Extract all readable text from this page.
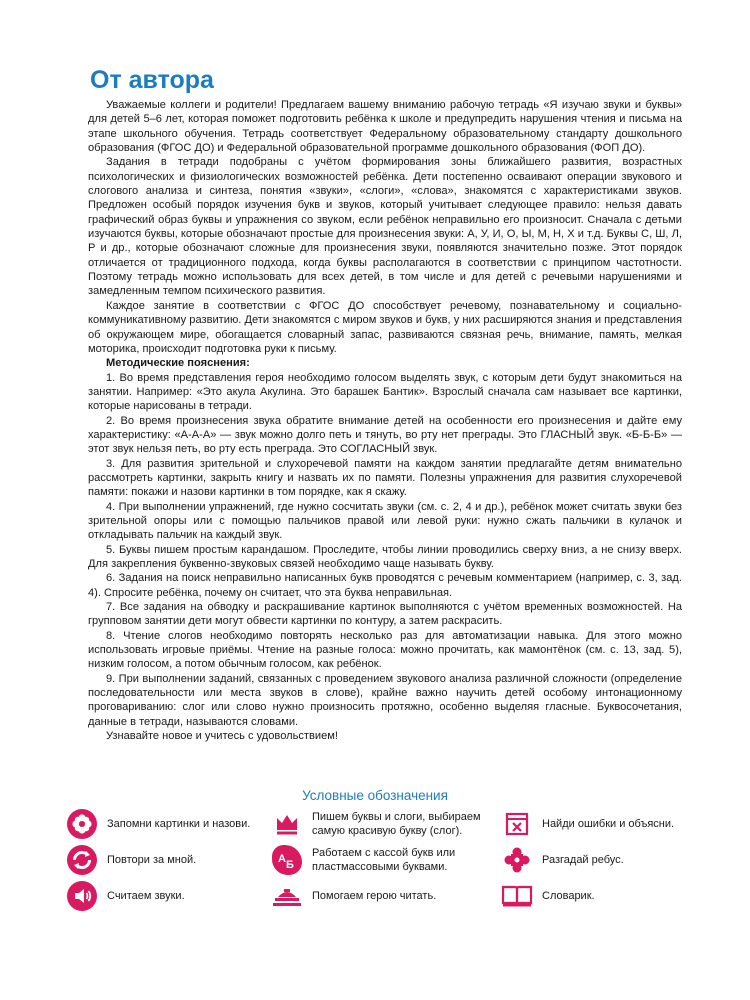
От автора

Уважаемые коллеги и родители! Предлагаем вашему вниманию рабочую тетрадь «Я изучаю звуки и буквы» для детей 5–6 лет, которая поможет подготовить ребёнка к школе и предупредить нарушения чтения и письма на этапе школьного обучения. Тетрадь соответствует Федеральному образовательному стандарту дошкольного образования (ФГОС ДО) и Федеральной образовательной программе дошкольного образования (ФОП ДО).

Задания в тетради подобраны с учётом формирования зоны ближайшего развития, возрастных психологических и физиологических возможностей ребёнка. Дети постепенно осваивают операции звукового и слогового анализа и синтеза, понятия «звуки», «слоги», «слова», знакомятся с характеристиками звуков. Предложен особый порядок изучения букв и звуков, который учитывает следующее правило: нельзя давать графический образ буквы и упражнения со звуком, если ребёнок неправильно его произносит. Сначала с детьми изучаются буквы, которые обозначают простые для произнесения звуки: А, У, И, О, Ы, М, Н, Х и т.д. Буквы С, Ш, Л, Р и др., которые обозначают сложные для произнесения звуки, появляются значительно позже. Этот порядок отличается от традиционного подхода, когда буквы располагаются в соответствии с принципом частотности. Поэтому тетрадь можно использовать для всех детей, в том числе и для детей с речевыми нарушениями и замедленным темпом психического развития.

Каждое занятие в соответствии с ФГОС ДО способствует речевому, познавательному и социально-коммуникативному развитию. Дети знакомятся с миром звуков и букв, у них расширяются знания и представления об окружающем мире, обогащается словарный запас, развиваются связная речь, внимание, память, мелкая моторика, происходит подготовка руки к письму.

Методические пояснения:

1. Во время представления героя необходимо голосом выделять звук, с которым дети будут знакомиться на занятии. Например: «Это акула Акулина. Это барашек Бантик». Взрослый сначала сам называет все картинки, которые нарисованы в тетради.

2. Во время произнесения звука обратите внимание детей на особенности его произнесения и дайте ему характеристику: «А-А-А» — звук можно долго петь и тянуть, во рту нет преграды. Это ГЛАСНЫЙ звук. «Б-Б-Б» — этот звук нельзя петь, во рту есть преграда. Это СОГЛАСНЫЙ звук.

3. Для развития зрительной и слухоречевой памяти на каждом занятии предлагайте детям внимательно рассмотреть картинки, закрыть книгу и назвать их по памяти. Полезны упражнения для развития слухоречевой памяти: покажи и назови картинки в том порядке, как я скажу.

4. При выполнении упражнений, где нужно сосчитать звуки (см. с. 2, 4 и др.), ребёнок может считать звуки без зрительной опоры или с помощью пальчиков правой или левой руки: нужно сжать пальчики в кулачок и откладывать пальчик на каждый звук.

5. Буквы пишем простым карандашом. Проследите, чтобы линии проводились сверху вниз, а не снизу вверх. Для закрепления буквенно-звуковых связей необходимо чаще называть букву.

6. Задания на поиск неправильно написанных букв проводятся с речевым комментарием (например, с. 3, зад. 4). Спросите ребёнка, почему он считает, что эта буква неправильная.

7. Все задания на обводку и раскрашивание картинок выполняются с учётом временных возможностей. На групповом занятии дети могут обвести картинки по контуру, а затем раскрасить.

8. Чтение слогов необходимо повторять несколько раз для автоматизации навыка. Для этого можно использовать игровые приёмы. Чтение на разные голоса: можно прочитать, как мамонтёнок (см. с. 13, зад. 5), низким голосом, а потом обычным голосом, как ребёнок.

9. При выполнении заданий, связанных с проведением звукового анализа различной сложности (определение последовательности или места звуков в слове), крайне важно научить детей особому интонационному проговариванию: слог или слово нужно произносить протяжно, особенно выделяя гласные. Буквосочетания, данные в тетради, называются словами.

Узнавайте новое и учитесь с удовольствием!

Условные обозначения
Запомни картинки и назови.
Повтори за мной.
Считаем звуки.
Пишем буквы и слоги, выбираем самую красивую букву (слог).
А Б
Работаем с кассой букв или пластмассовыми буквами.
Помогаем герою читать.
Найди ошибки и объясни.
Разгадай ребус.
Словарик.
